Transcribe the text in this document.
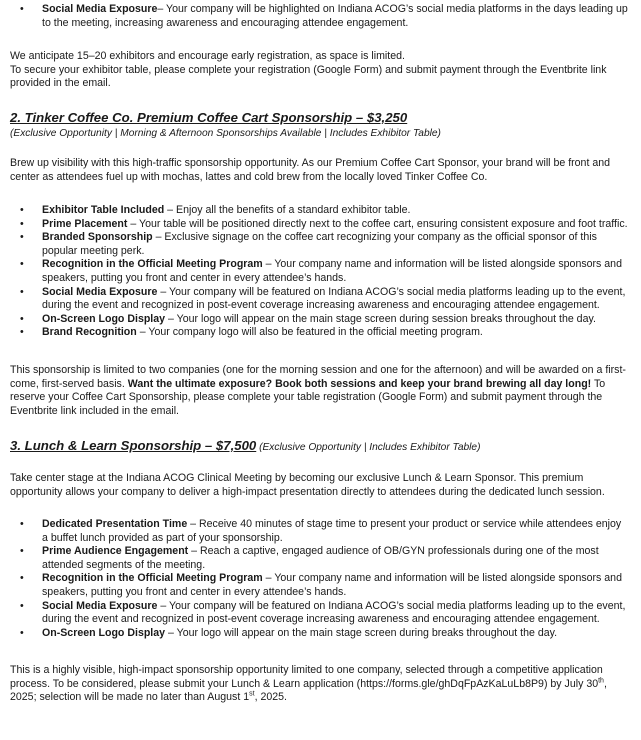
• Social Media Exposure– Your company will be highlighted on Indiana ACOG’s social media platforms in the days leading up to the meeting, increasing awareness and encouraging attendee engagement.

We anticipate 15–20 exhibitors and encourage early registration, as space is limited.

To secure your exhibitor table, please complete your registration (Google Form) and submit payment through the Eventbrite link provided in the email.

2. Tinker Coffee Co. Premium Coffee Cart Sponsorship – $3,250

(Exclusive Opportunity | Morning & Afternoon Sponsorships Available | Includes Exhibitor Table)

Brew up visibility with this high-traffic sponsorship opportunity. As our Premium Coffee Cart Sponsor, your brand will be front and center as attendees fuel up with mochas, lattes and cold brew from the locally loved Tinker Coffee Co.

• Exhibitor Table Included – Enjoy all the benefits of a standard exhibitor table.
• Prime Placement – Your table will be positioned directly next to the coffee cart, ensuring consistent exposure and foot traffic.
• Branded Sponsorship – Exclusive signage on the coffee cart recognizing your company as the official sponsor of this popular meeting perk.
• Recognition in the Official Meeting Program – Your company name and information will be listed alongside sponsors and speakers, putting you front and center in every attendee’s hands.
• Social Media Exposure – Your company will be featured on Indiana ACOG’s social media platforms leading up to the event, during the event and recognized in post-event coverage increasing awareness and encouraging attendee engagement.
• On-Screen Logo Display – Your logo will appear on the main stage screen during session breaks throughout the day.
• Brand Recognition – Your company logo will also be featured in the official meeting program.

This sponsorship is limited to two companies (one for the morning session and one for the afternoon) and will be awarded on a first-come, first-served basis. Want the ultimate exposure? Book both sessions and keep your brand brewing all day long! To reserve your Coffee Cart Sponsorship, please complete your table registration (Google Form) and submit payment through the Eventbrite link included in the email.

3. Lunch & Learn Sponsorship – $7,500 (Exclusive Opportunity | Includes Exhibitor Table)

Take center stage at the Indiana ACOG Clinical Meeting by becoming our exclusive Lunch & Learn Sponsor. This premium opportunity allows your company to deliver a high-impact presentation directly to attendees during the dedicated lunch session.

• Dedicated Presentation Time – Receive 40 minutes of stage time to present your product or service while attendees enjoy a buffet lunch provided as part of your sponsorship.
• Prime Audience Engagement – Reach a captive, engaged audience of OB/GYN professionals during one of the most attended segments of the meeting.
• Recognition in the Official Meeting Program – Your company name and information will be listed alongside sponsors and speakers, putting you front and center in every attendee’s hands.
• Social Media Exposure – Your company will be featured on Indiana ACOG’s social media platforms leading up to the event, during the event and recognized in post-event coverage increasing awareness and encouraging attendee engagement.
• On-Screen Logo Display – Your logo will appear on the main stage screen during breaks throughout the day.

This is a highly visible, high-impact sponsorship opportunity limited to one company, selected through a competitive application process. To be considered, please submit your Lunch & Learn application (https://forms.gle/ghDqFpAzKaLuLb8P9) by July 30th, 2025; selection will be made no later than August 1st, 2025.
